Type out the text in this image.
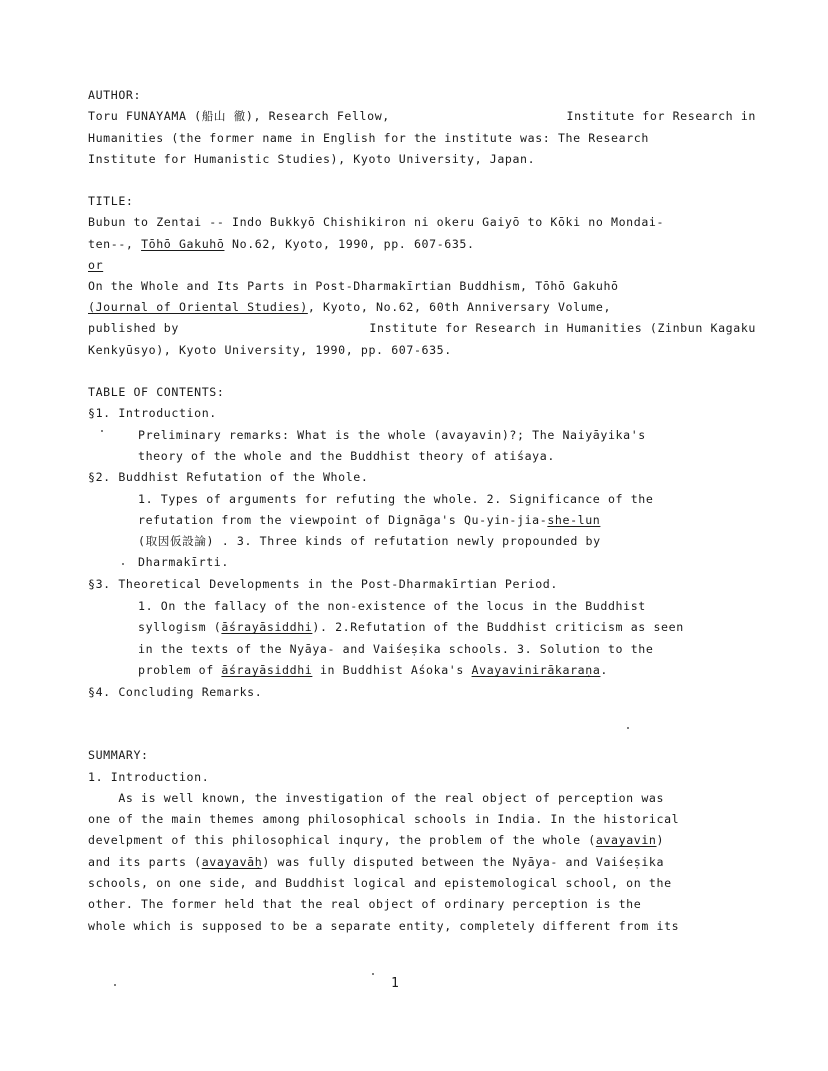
AUTHOR:
Toru FUNAYAMA (船山 徹), Research Fellow,	Institute for Research in
Humanities (the former name in English for the institute was: The Research
Institute for Humanistic Studies), Kyoto University, Japan.
TITLE:
Bubun to Zentai -- Indo Bukkyō Chishikiron ni okeru Gaiyō to Kōki no Mondai-
ten--, Tōhō Gakuhō No.62, Kyoto, 1990, pp. 607-635.
or
On the Whole and Its Parts in Post-Dharmakīrtian Buddhism, Tōhō Gakuhō
(Journal of Oriental Studies), Kyoto, No.62, 60th Anniversary Volume,
published by	Institute for Research in Humanities (Zinbun Kagaku
Kenkyūsyo), Kyoto University, 1990, pp. 607-635.
TABLE OF CONTENTS:
§1. Introduction.
Preliminary remarks: What is the whole (avayavin)?; The Naiyāyika's
theory of the whole and the Buddhist theory of atiśaya.
§2. Buddhist Refutation of the Whole.
1. Types of arguments for refuting the whole. 2. Significance of the
refutation from the viewpoint of Dignāga's Qu-yin-jia-she-lun
(取因仮設論) . 3. Three kinds of refutation newly propounded by
Dharmakīrti.
§3. Theoretical Developments in the Post-Dharmakīrtian Period.
1. On the fallacy of the non-existence of the locus in the Buddhist
syllogism (āśrayāsiddhi). 2.Refutation of the Buddhist criticism as seen
in the texts of the Nyāya- and Vaiśeṣika schools. 3. Solution to the
problem of āśrayāsiddhi in Buddhist Aśoka's Avayavinirākaraṇa.
§4. Concluding Remarks.
SUMMARY:
1. Introduction.
As is well known, the investigation of the real object of perception was
one of the main themes among philosophical schools in India. In the historical
develpment of this philosophical inqury, the problem of the whole (avayavin)
and its parts (avayavāḥ) was fully disputed between the Nyāya- and Vaiśeṣika
schools, on one side, and Buddhist logical and epistemological school, on the
other. The former held that the real object of ordinary perception is the
whole which is supposed to be a separate entity, completely different from its
1
